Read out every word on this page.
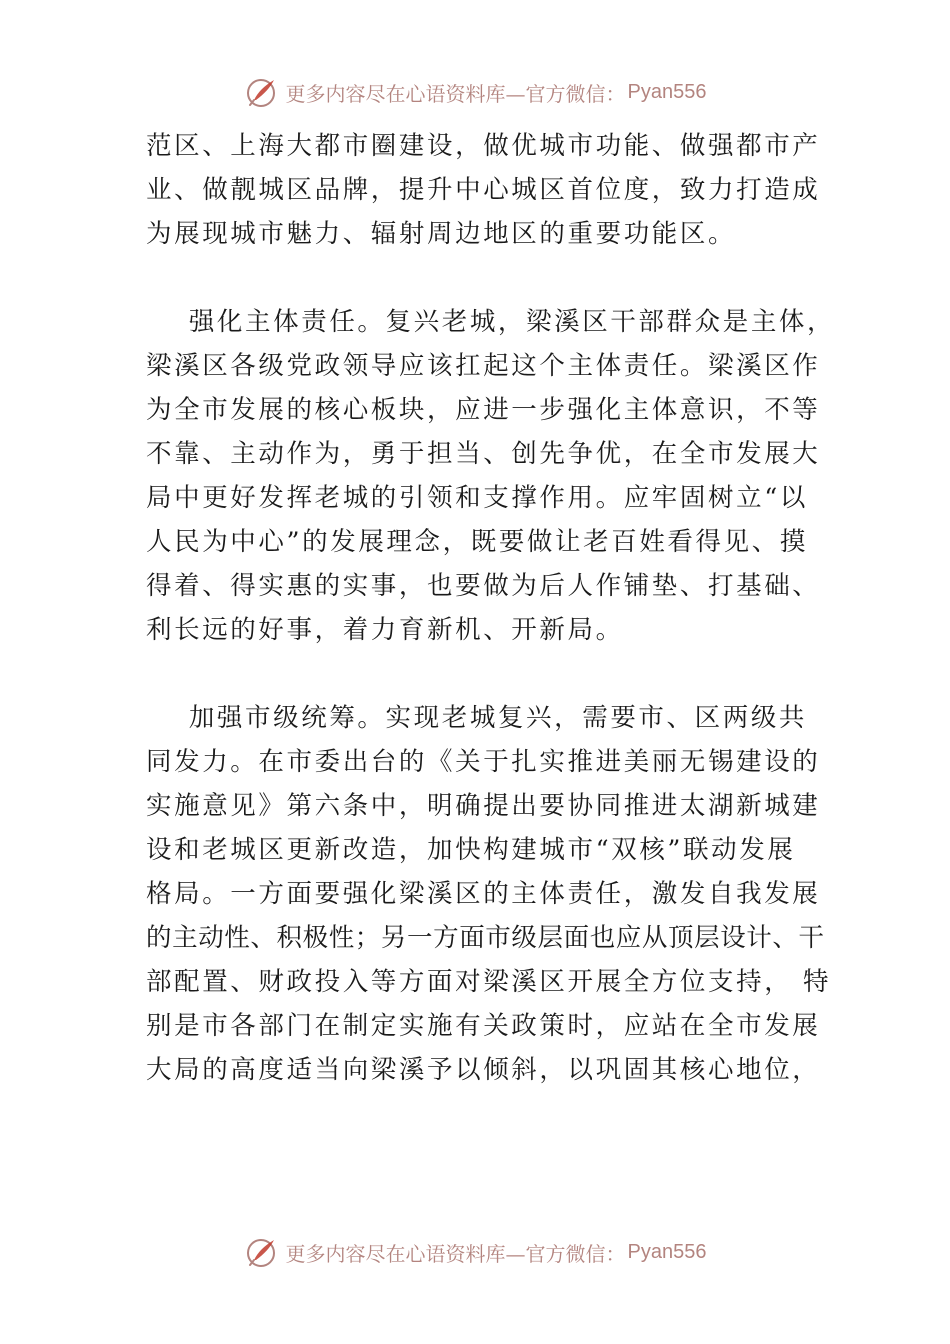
更多内容尽在心语资料库—官方微信： Pyan556
范区、上海大都市圈建设，做优城市功能、做强都市产
业、做靓城区品牌，提升中心城区首位度，致力打造成
为展现城市魅力、辐射周边地区的重要功能区。
强化主体责任。复兴老城，梁溪区干部群众是主体，
梁溪区各级党政领导应该扛起这个主体责任。梁溪区作
为全市发展的核心板块，应进一步强化主体意识，不等
不靠、主动作为，勇于担当、创先争优，在全市发展大
局中更好发挥老城的引领和支撑作用。应牢固树立“以
人民为中心”的发展理念，既要做让老百姓看得见、摸
得着、得实惠的实事，也要做为后人作铺垫、打基础、
利长远的好事，着力育新机、开新局。
加强市级统筹。实现老城复兴，需要市、区两级共
同发力。在市委出台的《关于扎实推进美丽无锡建设的
实施意见》第六条中，明确提出要协同推进太湖新城建
设和老城区更新改造，加快构建城市“双核”联动发展
格局。一方面要强化梁溪区的主体责任，激发自我发展
的主动性、积极性；另一方面市级层面也应从顶层设计、干
部配置、财政投入等方面对梁溪区开展全方位支持， 特
别是市各部门在制定实施有关政策时，应站在全市发展
大局的高度适当向梁溪予以倾斜，以巩固其核心地位，
更多内容尽在心语资料库—官方微信： Pyan556
